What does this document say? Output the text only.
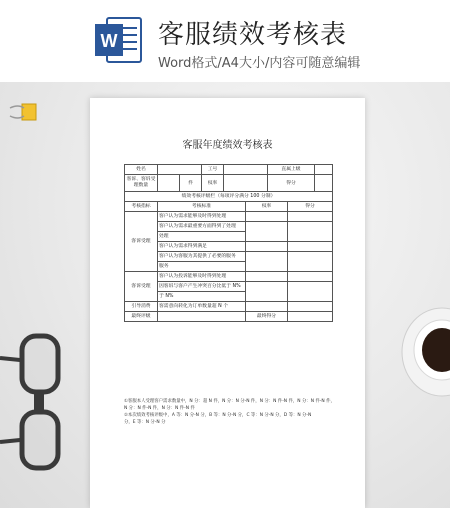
W 客服绩效考核表
Word格式/A4大小/内容可随意编辑
客服年度绩效考核表
姓名			工号			直属上级		
客诉、客诉受理数量		件	权率			得分		
绩效考核评级栏（每项评分满分 100 分制）								
考核指标	考核标准				权率		得分	
客诉受理	客户认为需求能够及时得到处理							
	客户认为需求最重要方面得到了处理							
	处理							
	客户认为需求得到满足							
	客户认为客服为其提供了必要的服务							
	服务							
客诉受理	客户认为投诉能够及时得到处理							
	因客诉与客户产生冲突百分比低于 N%							
	于 N%							
引导消费	客需意向转化为订单数量超 N 个							
最终评级					最终得分			
①客服本人受理客户需求数量中，N 分：超 N 件，N 分：N 分-N 件，N 分：N 件-N 件，N 分：N 件-N 件，
N 分：N 件-N 件，N 分：N 件-N 件
②本次绩效考核评级中，A 等：N 分-N 分，B 等：N 分-N 分，C 等：N 分-N 分，D 等：N 分-N
分，E 等：N 分-N 分
